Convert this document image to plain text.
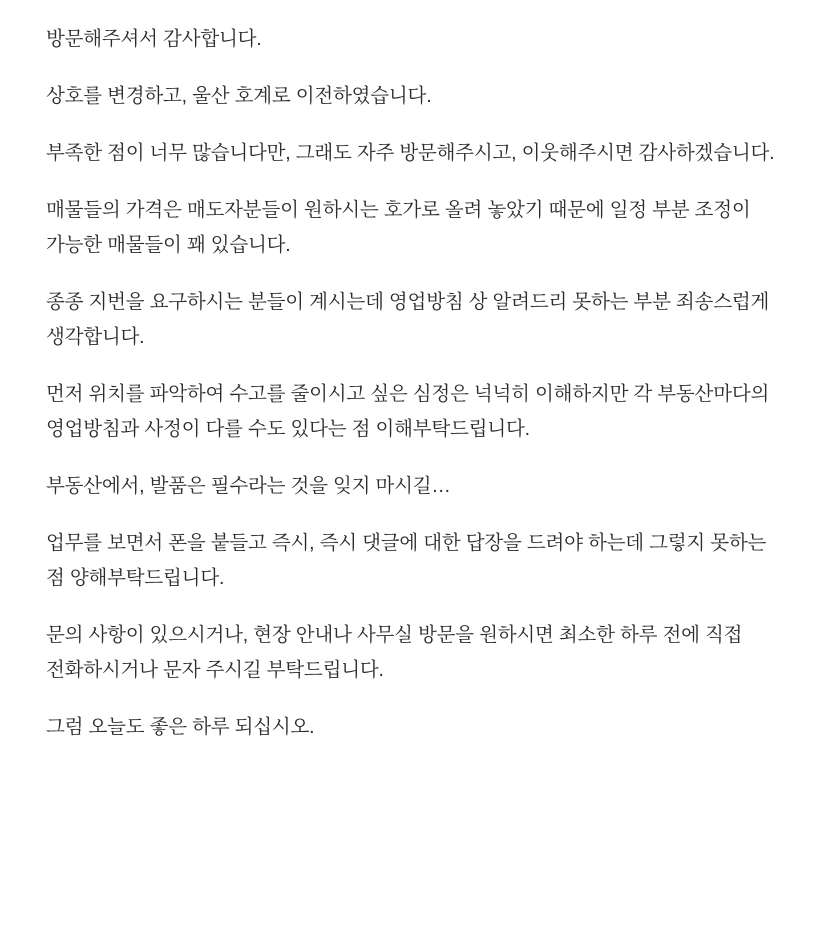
방문해주셔서 감사합니다.

상호를 변경하고, 울산 호계로 이전하였습니다.

부족한 점이 너무 많습니다만, 그래도 자주 방문해주시고, 이웃해주시면 감사하겠습니다.

매물들의 가격은 매도자분들이 원하시는 호가로 올려 놓았기 때문에 일정 부분 조정이 가능한 매물들이 꽤 있습니다.

종종 지번을 요구하시는 분들이 계시는데 영업방침 상 알려드리 못하는 부분 죄송스럽게 생각합니다.

먼저 위치를 파악하여 수고를 줄이시고 싶은 심정은 넉넉히 이해하지만 각 부동산마다의 영업방침과 사정이 다를 수도 있다는 점 이해부탁드립니다.

부동산에서, 발품은 필수라는 것을 잊지 마시길…

업무를 보면서 폰을 붙들고 즉시, 즉시 댓글에 대한 답장을 드려야 하는데 그렇지 못하는 점 양해부탁드립니다.

문의 사항이 있으시거나, 현장 안내나 사무실 방문을 원하시면 최소한 하루 전에 직접 전화하시거나 문자 주시길 부탁드립니다.

그럼 오늘도 좋은 하루 되십시오.
